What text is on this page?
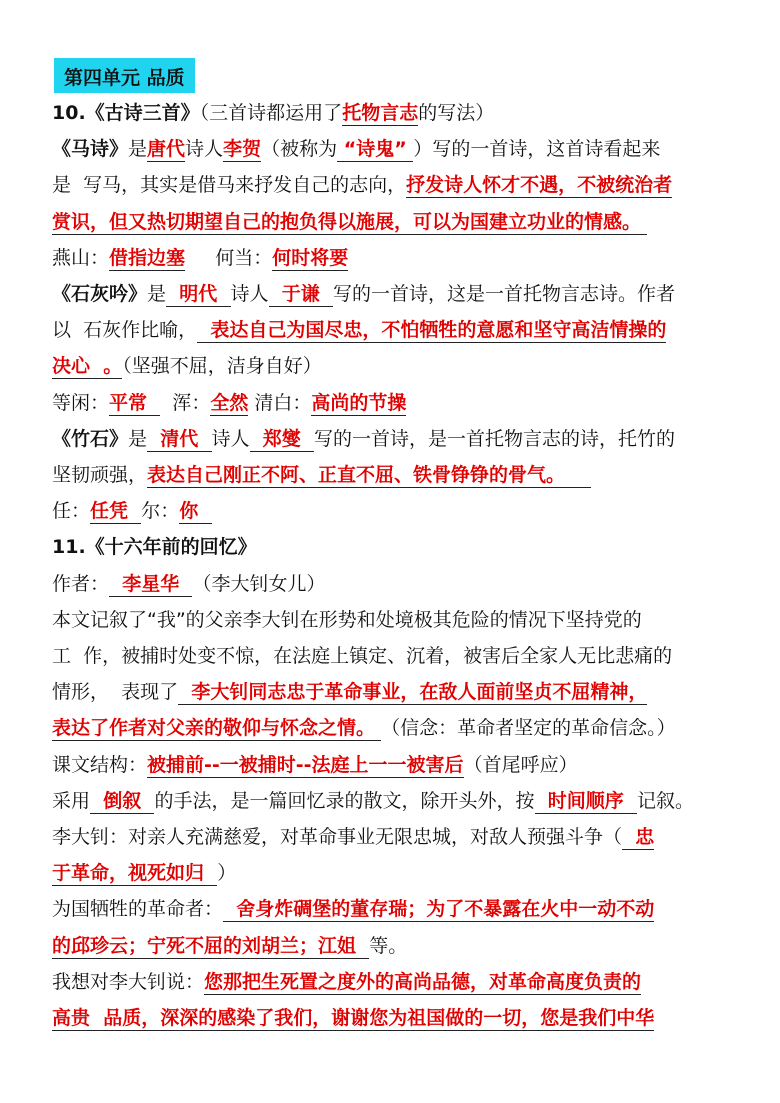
第四单元 品质
10.《古诗三首》（三首诗都运用了托物言志的写法）
《马诗》是唐代诗人李贺（被称为 “诗鬼” ）写的一首诗，这首诗看起来
是  写马，其实是借马来抒发自己的志向，抒发诗人怀才不遇，不被统治者
赏识，但又热切期望自己的抱负得以施展，可以为国建立功业的情感。
燕山：借指边塞     何当：何时将要
《石灰吟》是  明代  诗人  于谦  写的一首诗，这是一首托物言志诗。作者
以  石灰作比喻，  表达自己为国尽忠，不怕牺牲的意愿和坚守高洁情操的
决心  。（坚强不屈，洁身自好）
等闲：平常    浑：全然 清白：高尚的节操
《竹石》是  清代  诗人  郑燮  写的一首诗，是一首托物言志的诗，托竹的
坚韧顽强，表达自己刚正不阿、正直不屈、铁骨铮铮的骨气。
任：任凭  尔：你
11.《十六年前的回忆》
作者：  李星华  （李大钊女儿）
本文记叙了“我”的父亲李大钊在形势和处境极其危险的情况下坚持党的
工  作，被捕时处变不惊，在法庭上镇定、沉着，被害后全家人无比悲痛的
情形，  表现了  李大钊同志忠于革命事业，在敌人面前坚贞不屈精神，
表达了作者对父亲的敬仰与怀念之情。 （信念：革命者坚定的革命信念。）
课文结构：被捕前--一被捕时--法庭上一一被害后（首尾呼应）
采用  倒叙  的手法，是一篇回忆录的散文，除开头外，按  时间顺序  记叙。
李大钊：对亲人充满慈爱，对革命事业无限忠城，对敌人预强斗争（  忠
于革命，视死如归  ）
为国牺牲的革命者：  舍身炸碉堡的董存瑞；为了不暴露在火中一动不动
的邱珍云；宁死不屈的刘胡兰；江姐  等。
我想对李大钊说：您那把生死置之度外的高尚品德，对革命高度负责的
高贵  品质，深深的感染了我们，谢谢您为祖国做的一切，您是我们中华
